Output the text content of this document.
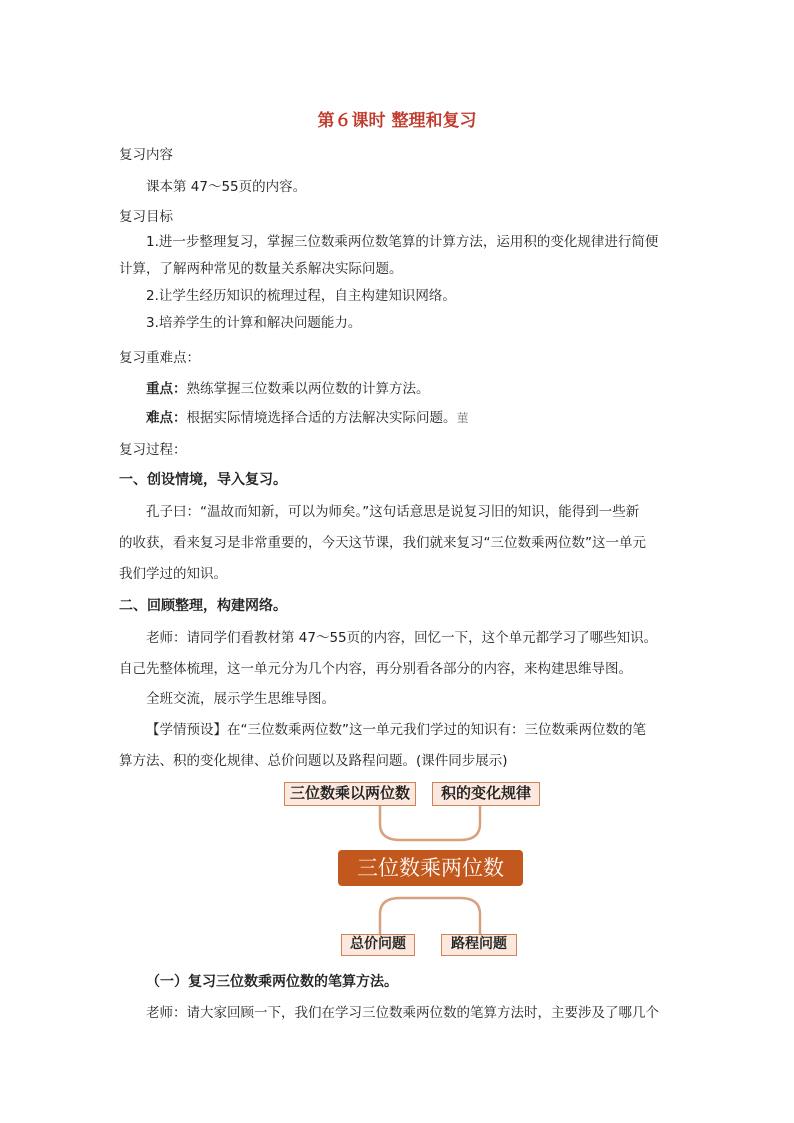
第６课时 整理和复习
复习内容
课本第 47～55页的内容。
复习目标
1.进一步整理复习，掌握三位数乘两位数笔算的计算方法，运用积的变化规律进行简便
计算，了解两种常见的数量关系解决实际问题。
2.让学生经历知识的梳理过程，自主构建知识网络。
3.培养学生的计算和解决问题能力。
复习重难点：
重点：熟练掌握三位数乘以两位数的计算方法。
难点：根据实际情境选择合适的方法解决实际问题。菫
复习过程：
一、创设情境，导入复习。
孔子曰：“温故而知新，可以为师矣。”这句话意思是说复习旧的知识，能得到一些新
的收获，看来复习是非常重要的，今天这节课，我们就来复习“三位数乘两位数”这一单元
我们学过的知识。
二、回顾整理，构建网络。
老师：请同学们看教材第 47～55页的内容，回忆一下，这个单元都学习了哪些知识。
自己先整体梳理，这一单元分为几个内容，再分别看各部分的内容，来构建思维导图。
全班交流，展示学生思维导图。
【学情预设】在“三位数乘两位数”这一单元我们学过的知识有：三位数乘两位数的笔
算方法、积的变化规律、总价问题以及路程问题。(课件同步展示)
三位数乘以两位数	积的变化规律
三位数乘两位数
总价问题	路程问题
（一）复习三位数乘两位数的笔算方法。
老师：请大家回顾一下，我们在学习三位数乘两位数的笔算方法时，主要涉及了哪几个
